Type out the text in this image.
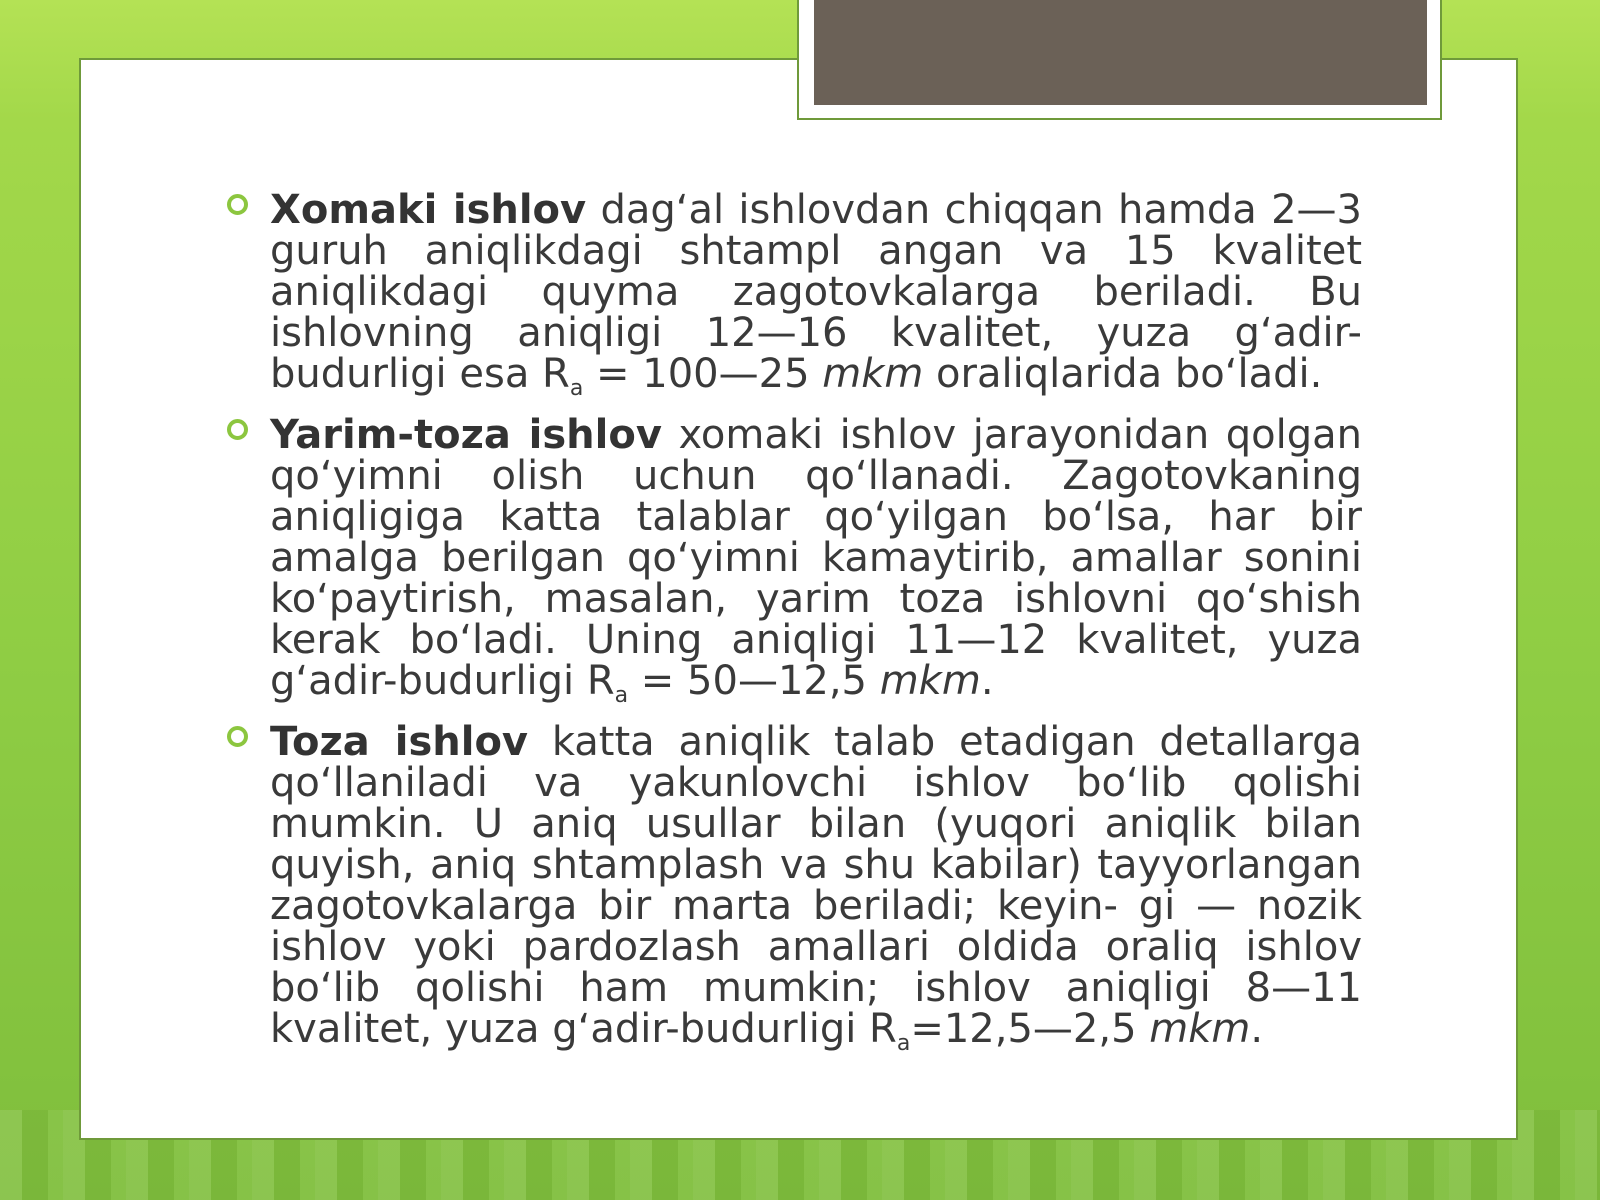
Xomaki ishlov dag‘al ishlovdan chiqqan hamda 2—3 guruh aniqlikdagi shtampl angan va 15 kvalitet aniqlikdagi quyma zagotovkalarga beriladi. Bu ishlovning aniqligi 12—16 kvalitet, yuza g‘adir-budurligi esa $R_a$ = 100—25 mkm oraliqlarida bo‘ladi.

Yarim-toza ishlov xomaki ishlov jarayonidan qolgan qo‘yimni olish uchun qo‘llanadi. Zagotovkaning aniqligiga katta talablar qo‘yilgan bo‘lsa, har bir amalga berilgan qo‘yimni kamaytirib, amallar sonini ko‘paytirish, masalan, yarim toza ishlovni qo‘shish kerak bo‘ladi. Uning aniqligi 11—12 kvalitet, yuza g‘adir-budurligi $R_a$ = 50—12,5 mkm.

Toza ishlov katta aniqlik talab etadigan detallarga qo‘llaniladi va yakunlovchi ishlov bo‘lib qolishi mumkin. U aniq usullar bilan (yuqori aniqlik bilan quyish, aniq shtamplash va shu kabilar) tayyorlangan zagotovkalarga bir marta beriladi; keyin- gi — nozik ishlov yoki pardozlash amallari oldida oraliq ishlov bo‘lib qolishi ham mumkin; ishlov aniqligi 8—11 kvalitet, yuza g‘adir-budurligi $R_a=12,5—2,5$ mkm.
